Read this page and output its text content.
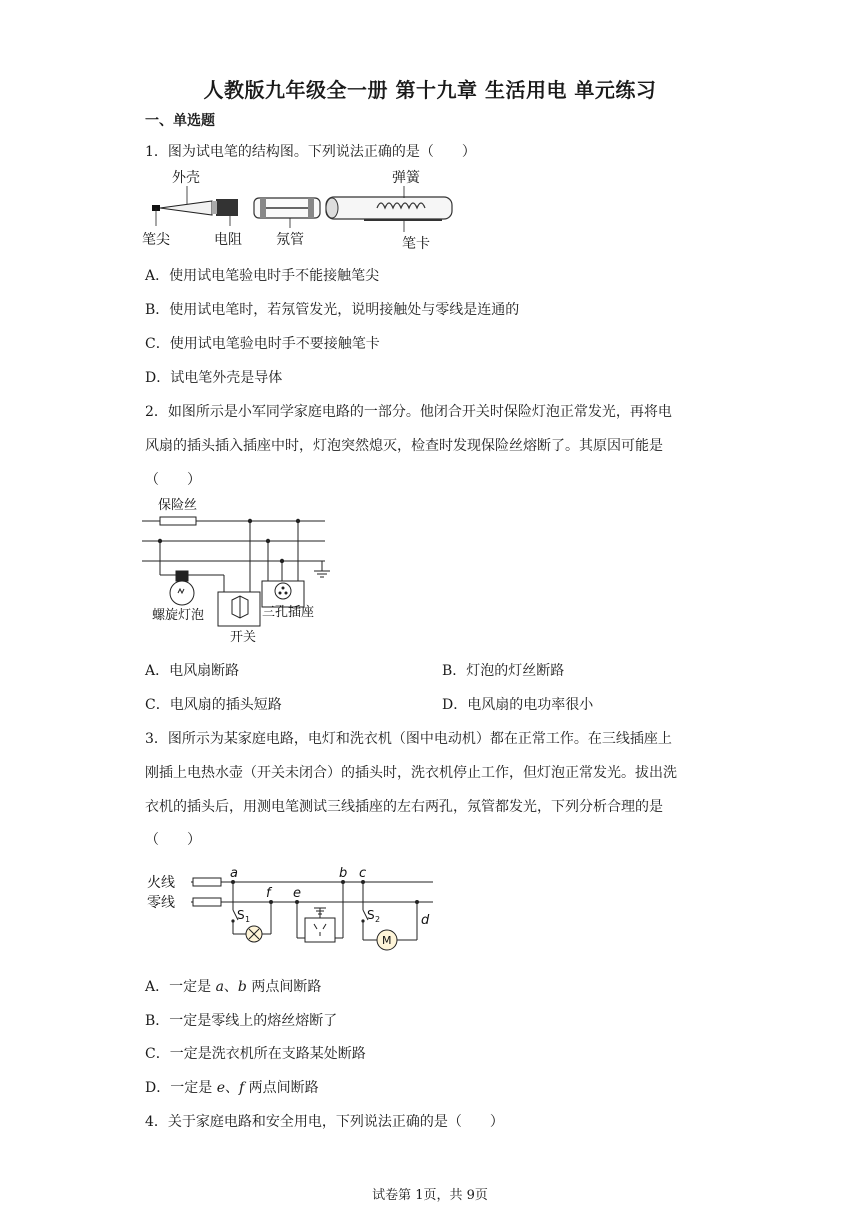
人教版九年级全一册 第十九章 生活用电 单元练习
一、单选题
1．图为试电笔的结构图。下列说法正确的是（　　）
外壳
笔尖	电阻 氖管
弹簧
笔卡
A．使用试电笔验电时手不能接触笔尖
B．使用试电笔时，若氖管发光，说明接触处与零线是连通的
C．使用试电笔验电时手不要接触笔卡
D．试电笔外壳是导体
2．如图所示是小军同学家庭电路的一部分。他闭合开关时保险灯泡正常发光，再将电
风扇的插头插入插座中时，灯泡突然熄灭，检查时发现保险丝熔断了。其原因可能是
（　　）
保险丝
螺旋灯泡	三孔插座
开关
A．电风扇断路	B．灯泡的灯丝断路
C．电风扇的插头短路	D．电风扇的电功率很小
3．图所示为某家庭电路，电灯和洗衣机（图中电动机）都在正常工作。在三线插座上
刚插上电热水壶（开关未闭合）的插头时，洗衣机停止工作，但灯泡正常发光。拔出洗
衣机的插头后，用测电笔测试三线插座的左右两孔，氖管都发光，下列分析合理的是
（　　）
火线
零线
a
f e
b c
d
S 1	S 2
M
A．一定是 a、b 两点间断路
B．一定是零线上的熔丝熔断了
C．一定是洗衣机所在支路某处断路
D．一定是 e、f 两点间断路
4．关于家庭电路和安全用电，下列说法正确的是（　　）
试卷第 1页，共 9页
